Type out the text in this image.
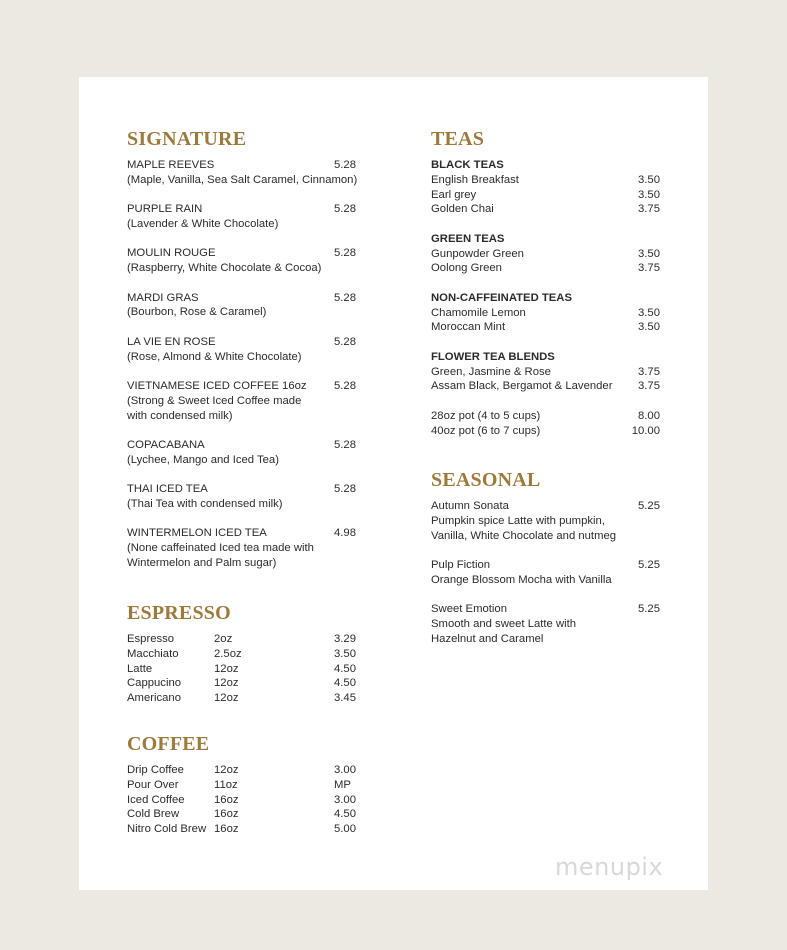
SIGNATURE
MAPLE REEVES	5.28
(Maple, Vanilla, Sea Salt Caramel, Cinnamon)
PURPLE RAIN	5.28
(Lavender & White Chocolate)
MOULIN ROUGE	5.28
(Raspberry, White Chocolate & Cocoa)
MARDI GRAS	5.28
(Bourbon, Rose & Caramel)
LA VIE EN ROSE	5.28
(Rose, Almond & White Chocolate)
VIETNAMESE ICED COFFEE 16oz 5.28
(Strong & Sweet Iced Coffee made
with condensed milk)
COPACABANA	5.28
(Lychee, Mango and Iced Tea)
THAI ICED TEA	5.28
(Thai Tea with condensed milk)
WINTERMELON ICED TEA	4.98
(None caffeinated Iced tea made with
Wintermelon and Palm sugar)
ESPRESSO
Espresso	2oz	3.29
Macchiato	2.5oz	3.50
Latte	12oz	4.50
Cappucino	12oz	4.50
Americano	12oz	3.45
COFFEE
Drip Coffee	12oz	3.00
Pour Over	11oz	MP
Iced Coffee	16oz	3.00
Cold Brew	16oz	4.50
Nitro Cold Brew 16oz	5.00
TEAS
BLACK TEAS
English Breakfast	3.50
Earl grey	3.50
Golden Chai	3.75
GREEN TEAS
Gunpowder Green	3.50
Oolong Green	3.75
NON-CAFFEINATED TEAS
Chamomile Lemon	3.50
Moroccan Mint	3.50
FLOWER TEA BLENDS
Green, Jasmine & Rose	3.75
Assam Black, Bergamot & Lavender 3.75
28oz pot (4 to 5 cups)	8.00
40oz pot (6 to 7 cups)	10.00
SEASONAL
Autumn Sonata	5.25
Pumpkin spice Latte with pumpkin,
Vanilla, White Chocolate and nutmeg
Pulp Fiction	5.25
Orange Blossom Mocha with Vanilla
Sweet Emotion	5.25
Smooth and sweet Latte with
Hazelnut and Caramel
menupix
